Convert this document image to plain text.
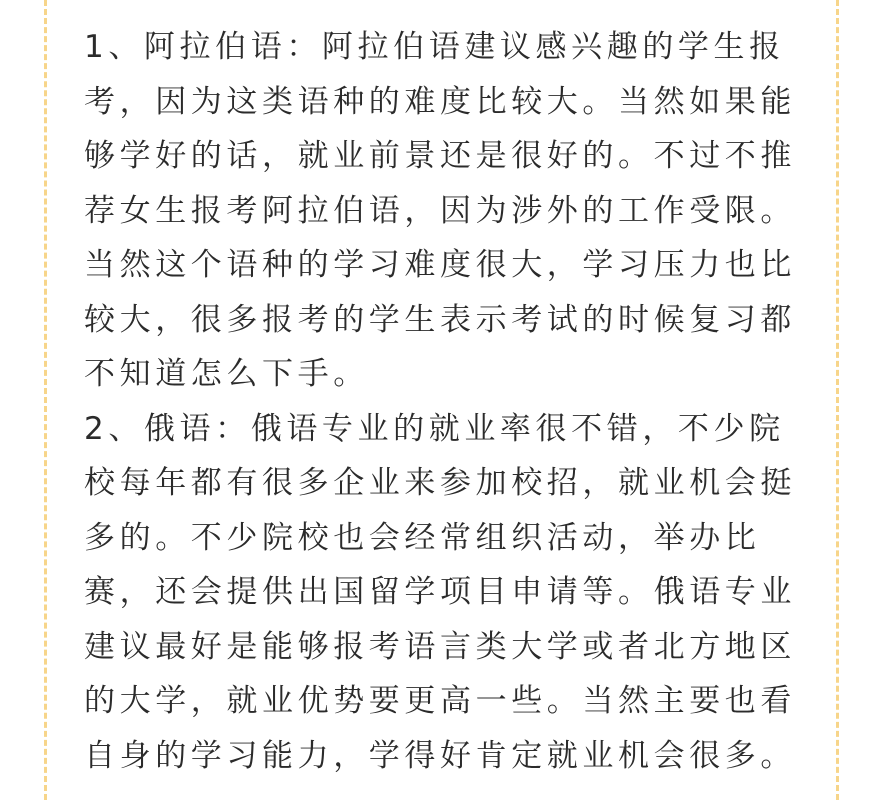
1、阿拉伯语：阿拉伯语建议感兴趣的学生报考，因为这类语种的难度比较大。当然如果能够学好的话，就业前景还是很好的。不过不推荐女生报考阿拉伯语，因为涉外的工作受限。当然这个语种的学习难度很大，学习压力也比较大，很多报考的学生表示考试的时候复习都不知道怎么下手。

2、俄语：俄语专业的就业率很不错，不少院校每年都有很多企业来参加校招，就业机会挺多的。不少院校也会经常组织活动，举办比赛，还会提供出国留学项目申请等。俄语专业建议最好是能够报考语言类大学或者北方地区的大学，就业优势要更高一些。当然主要也看自身的学习能力，学得好肯定就业机会很多。
